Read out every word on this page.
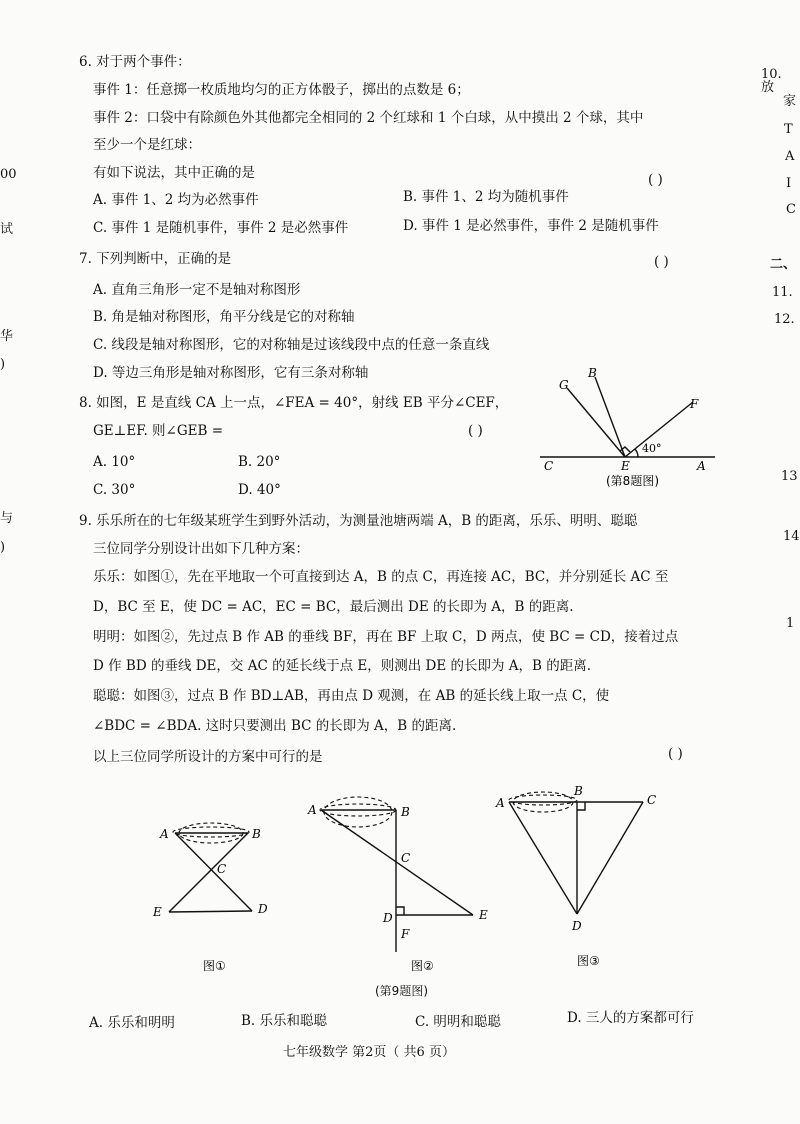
00
试
华
)
与
)
10. 放
家
T
A
I
C
二、
11.
12.
13
14
1
6. 对于两个事件：
事件 1：任意掷一枚质地均匀的正方体骰子，掷出的点数是 6；
事件 2：口袋中有除颜色外其他都完全相同的 2 个红球和 1 个白球，从中摸出 2 个球，其中
至少一个是红球：
有如下说法，其中正确的是	( )
A. 事件 1、2 均为必然事件	B. 事件 1、2 均为随机事件
C. 事件 1 是随机事件，事件 2 是必然事件	D. 事件 1 是必然事件，事件 2 是随机事件
7. 下列判断中，正确的是	( )
A. 直角三角形一定不是轴对称图形
B. 角是轴对称图形，角平分线是它的对称轴
C. 线段是轴对称图形，它的对称轴是过该线段中点的任意一条直线
D. 等边三角形是轴对称图形，它有三条对称轴
8. 如图，E 是直线 CA 上一点，∠FEA = 40°，射线 EB 平分∠CEF，
GE⊥EF. 则∠GEB =	( )
A. 10°	B. 20°
C. 30°	D. 40°
G
B
F
C	E	A
40°
(第8题图)
9. 乐乐所在的七年级某班学生到野外活动，为测量池塘两端 A，B 的距离，乐乐、明明、聪聪
三位同学分别设计出如下几种方案：
乐乐：如图①，先在平地取一个可直接到达 A，B 的点 C，再连接 AC，BC，并分别延长 AC 至
D，BC 至 E，使 DC = AC，EC = BC，最后测出 DE 的长即为 A，B 的距离.
明明：如图②，先过点 B 作 AB 的垂线 BF，再在 BF 上取 C，D 两点，使 BC = CD，接着过点
D 作 BD 的垂线 DE，交 AC 的延长线于点 E，则测出 DE 的长即为 A，B 的距离.
聪聪：如图③，过点 B 作 BD⊥AB，再由点 D 观测，在 AB 的延长线上取一点 C，使
∠BDC = ∠BDA. 这时只要测出 BC 的长即为 A，B 的距离.
以上三位同学所设计的方案中可行的是	( )
A	B
C
E	D
图①
A	B
C
D	E
F
图②
A
B
C
D
图③
(第9题图)
A. 乐乐和明明	B. 乐乐和聪聪	C. 明明和聪聪	D. 三人的方案都可行
七年级数学 第2页（ 共6 页）
